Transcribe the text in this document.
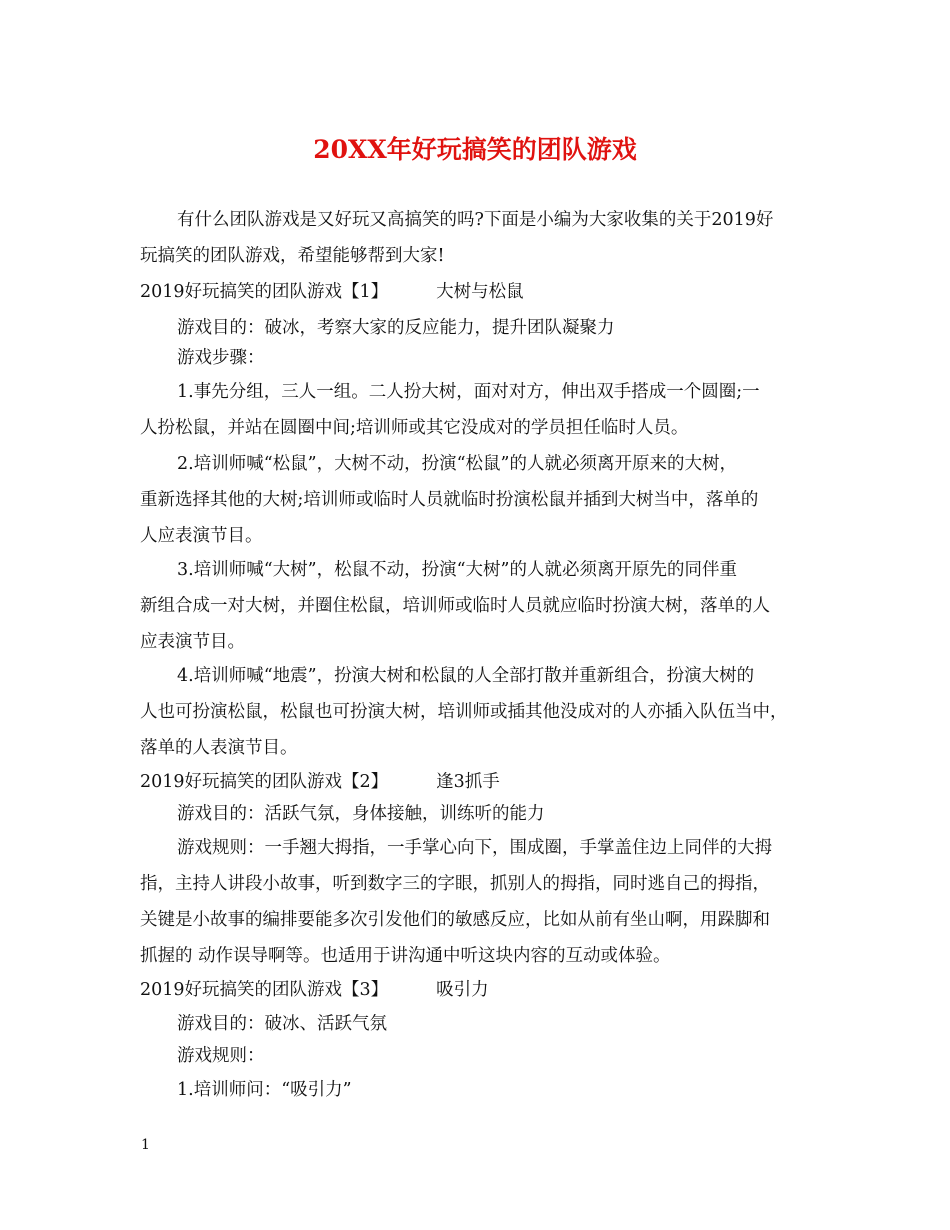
20XX年好玩搞笑的团队游戏

有什么团队游戏是又好玩又高搞笑的吗?下面是小编为大家收集的关于2019好

玩搞笑的团队游戏，希望能够帮到大家!

2019好玩搞笑的团队游戏【1】	大树与松鼠

游戏目的：破冰，考察大家的反应能力，提升团队凝聚力

游戏步骤：

1.事先分组，三人一组。二人扮大树，面对对方，伸出双手搭成一个圆圈;一

人扮松鼠，并站在圆圈中间;培训师或其它没成对的学员担任临时人员。

2.培训师喊“松鼠”，大树不动，扮演“松鼠”的人就必须离开原来的大树，

重新选择其他的大树;培训师或临时人员就临时扮演松鼠并插到大树当中，落单的

人应表演节目。

3.培训师喊“大树”，松鼠不动，扮演“大树”的人就必须离开原先的同伴重

新组合成一对大树，并圈住松鼠，培训师或临时人员就应临时扮演大树，落单的人

应表演节目。

4.培训师喊“地震”，扮演大树和松鼠的人全部打散并重新组合，扮演大树的

人也可扮演松鼠，松鼠也可扮演大树，培训师或插其他没成对的人亦插入队伍当中，

落单的人表演节目。

2019好玩搞笑的团队游戏【2】	逢3抓手

游戏目的：活跃气氛，身体接触，训练听的能力

游戏规则：一手翘大拇指，一手掌心向下，围成圈，手掌盖住边上同伴的大拇

指，主持人讲段小故事，听到数字三的字眼，抓别人的拇指，同时逃自己的拇指，

关键是小故事的编排要能多次引发他们的敏感反应，比如从前有坐山啊，用跺脚和

抓握的 动作误导啊等。也适用于讲沟通中听这块内容的互动或体验。

2019好玩搞笑的团队游戏【3】	吸引力

游戏目的：破冰、活跃气氛

游戏规则：

1.培训师问：“吸引力”

1
